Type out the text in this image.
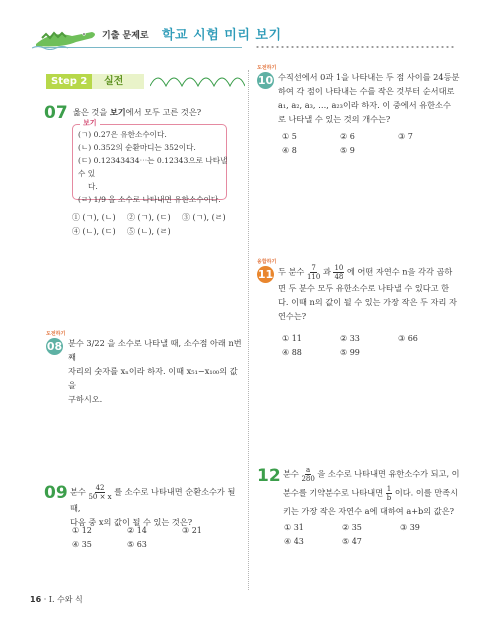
기출 문제로 학교 시험 미리 보기
Step 2	실전
07 옳은 것을 보기에서 모두 고른 것은?
보기
(ㄱ) 0.27은 유한소수이다.
(ㄴ) 0.352의 순환마디는 352이다.
(ㄷ) 0.12343434⋯는 0.1234̇3으로 나타낼 수 있
다.
(ㄹ) 1/9 을 소수로 나타내면 유한소수이다.
① (ㄱ), (ㄴ) ② (ㄱ), (ㄷ) ③ (ㄱ), (ㄹ)
④ (ㄴ), (ㄷ) ⑤ (ㄴ), (ㄹ)
도전하기
08 분수 3/22 을 소수로 나타낼 때, 소수점 아래 n번째
자리의 숫자를 xₙ이라 하자. 이때 x₅₁−x₁₀₀의 값을
구하시오.
09 분수 $\frac{42}{50 \times x}$ 를 소수로 나타내면 순환소수가 될 때,
다음 중 x의 값이 될 수 있는 것은?
① 12	② 14	③ 21
④ 35	⑤ 63
도전하기
10 수직선에서 0과 1을 나타내는 두 점 사이를 24등분
하여 각 점이 나타내는 수를 작은 것부터 순서대로
a₁, a₂, a₃, …, a₂₃이라 하자. 이 중에서 유한소수
로 나타낼 수 있는 것의 개수는?
① 5	② 6	③ 7
④ 8	⑤ 9
융합하기
11 두 분수 $\frac{7}{110}$ 과 $\frac{10}{48}$ 에 어떤 자연수 n을 각각 곱하
면 두 분수 모두 유한소수로 나타낼 수 있다고 한
다. 이때 n의 값이 될 수 있는 가장 작은 두 자리 자
연수는?
① 11	② 33	③ 66
④ 88	⑤ 99
12 분수 $\frac{a}{280}$ 을 소수로 나타내면 유한소수가 되고, 이
분수를 기약분수로 나타내면 $\frac{1}{b}$ 이다. 이를 만족시
키는 가장 작은 자연수 a에 대하여 a+b의 값은?
① 31	② 35	③ 39
④ 43	⑤ 47
16 · Ⅰ. 수와 식
